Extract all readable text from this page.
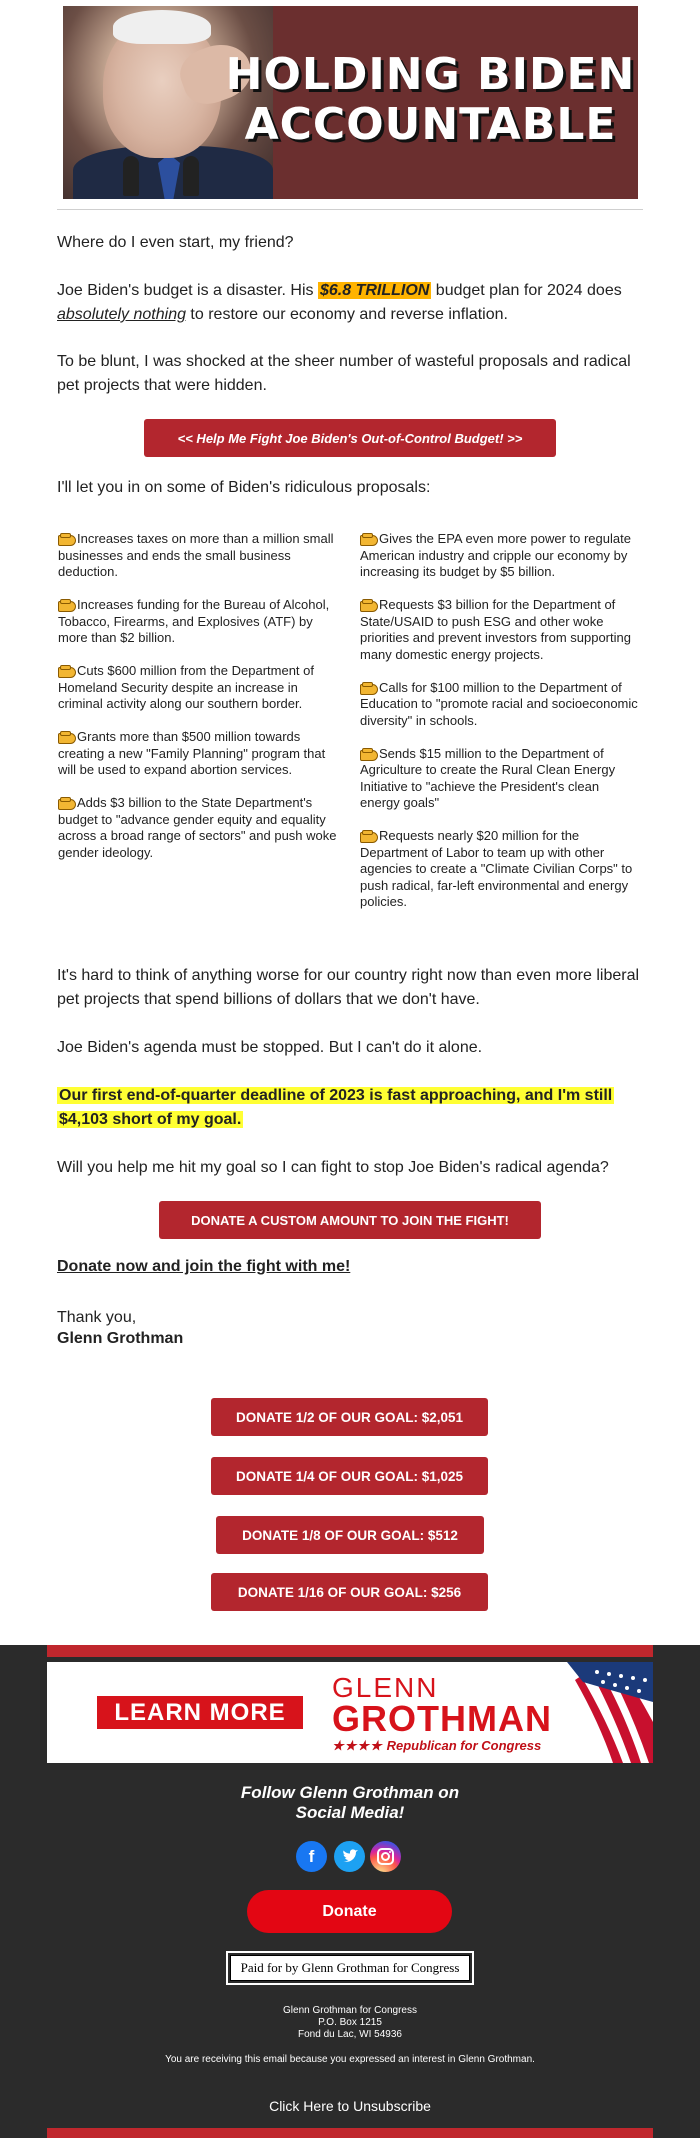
HOLDING BIDEN
ACCOUNTABLE
Where do I even start, my friend?
Joe Biden's budget is a disaster. His $6.8 TRILLION budget plan for 2024 does absolutely nothing to restore our economy and reverse inflation.
To be blunt, I was shocked at the sheer number of wasteful proposals and radical pet projects that were hidden.
<< Help Me Fight Joe Biden's Out-of-Control Budget! >>
I'll let you in on some of Biden's ridiculous proposals:
Increases taxes on more than a million small businesses and ends the small business deduction.
Increases funding for the Bureau of Alcohol, Tobacco, Firearms, and Explosives (ATF) by more than $2 billion.
Cuts $600 million from the Department of Homeland Security despite an increase in criminal activity along our southern border.
Grants more than $500 million towards creating a new "Family Planning" program that will be used to expand abortion services.
Adds $3 billion to the State Department's budget to "advance gender equity and equality across a broad range of sectors" and push woke gender ideology.
Gives the EPA even more power to regulate American industry and cripple our economy by increasing its budget by $5 billion.
Requests $3 billion for the Department of State/USAID to push ESG and other woke priorities and prevent investors from supporting many domestic energy projects.
Calls for $100 million to the Department of Education to "promote racial and socioeconomic diversity" in schools.
Sends $15 million to the Department of Agriculture to create the Rural Clean Energy Initiative to "achieve the President's clean energy goals"
Requests nearly $20 million for the Department of Labor to team up with other agencies to create a "Climate Civilian Corps" to push radical, far-left environmental and energy policies.
It's hard to think of anything worse for our country right now than even more liberal pet projects that spend billions of dollars that we don't have.
Joe Biden's agenda must be stopped. But I can't do it alone.
Our first end-of-quarter deadline of 2023 is fast approaching, and I'm still
$4,103 short of my goal.
Will you help me hit my goal so I can fight to stop Joe Biden's radical agenda?
DONATE A CUSTOM AMOUNT TO JOIN THE FIGHT!
Donate now and join the fight with me!
Thank you,
Glenn Grothman
DONATE 1/2 OF OUR GOAL: $2,051
DONATE 1/4 OF OUR GOAL: $1,025
DONATE 1/8 OF OUR GOAL: $512
DONATE 1/16 OF OUR GOAL: $256
LEARN MORE
GLENN
GROTHMAN
★★★★ Republican for Congress
Follow Glenn Grothman on
Social Media!
f
Donate
Paid for by Glenn Grothman for Congress
Glenn Grothman for Congress
P.O. Box 1215
Fond du Lac, WI 54936
You are receiving this email because you expressed an interest in Glenn Grothman.
Click Here to Unsubscribe
